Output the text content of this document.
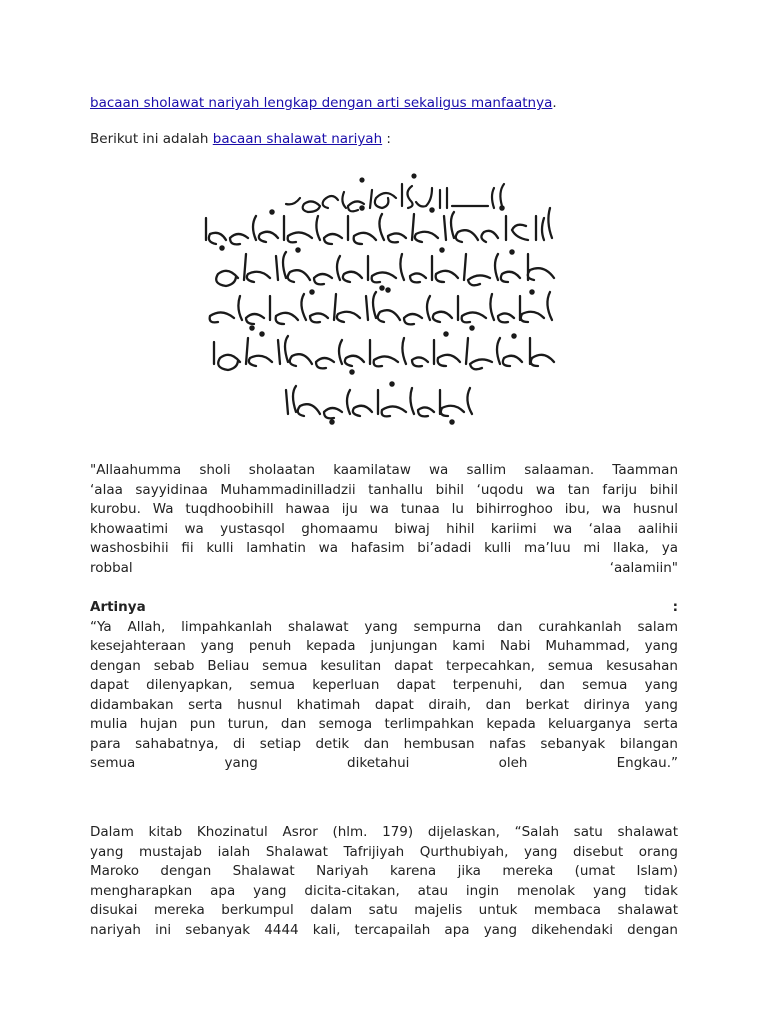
bacaan sholawat nariyah lengkap dengan arti sekaligus manfaatnya.
Berikut ini adalah bacaan shalawat nariyah :
"Allaahumma sholi sholaatan kaamilataw wa sallim salaaman. Taamman
‘alaa sayyidinaa Muhammadinilladzii tanhallu bihil ‘uqodu wa tan fariju bihil
kurobu. Wa tuqdhoobihill hawaa iju wa tunaa lu bihirroghoo ibu, wa husnul
khowaatimi wa yustasqol ghomaamu biwaj hihil kariimi wa ‘alaa aalihii
washosbihii fii kulli lamhatin wa hafasim bi’adadi kulli ma’luu mi llaka, ya
robbal ‘aalamiin"
Artinya	:
“Ya Allah, limpahkanlah shalawat yang sempurna dan curahkanlah salam
kesejahteraan yang penuh kepada junjungan kami Nabi Muhammad, yang
dengan sebab Beliau semua kesulitan dapat terpecahkan, semua kesusahan
dapat dilenyapkan, semua keperluan dapat terpenuhi, dan semua yang
didambakan serta husnul khatimah dapat diraih, dan berkat dirinya yang
mulia hujan pun turun, dan semoga terlimpahkan kepada keluarganya serta
para sahabatnya, di setiap detik dan hembusan nafas sebanyak bilangan
semua yang diketahui oleh Engkau.”
Dalam kitab Khozinatul Asror (hlm. 179) dijelaskan, “Salah satu shalawat
yang mustajab ialah Shalawat Tafrijiyah Qurthubiyah, yang disebut orang
Maroko dengan Shalawat Nariyah karena jika mereka (umat Islam)
mengharapkan apa yang dicita-citakan, atau ingin menolak yang tidak
disukai mereka berkumpul dalam satu majelis untuk membaca shalawat
nariyah ini sebanyak 4444 kali, tercapailah apa yang dikehendaki dengan
